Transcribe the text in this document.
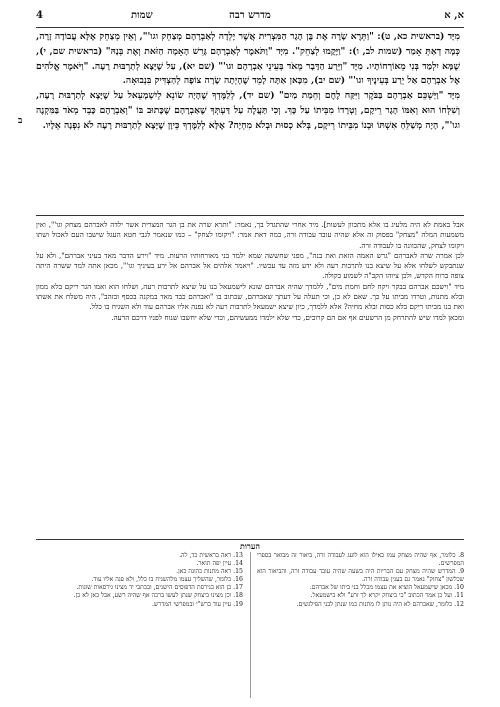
4	שמות	מדרש רבה	א, א

מִיָּד (בראשית כא, ט): "וַתֵּרֶא שָׂרָה אֶת בֶּן הָגָר הַמִּצְרִית אֲשֶׁר יָלְדָה לְאַבְרָהָם מְצַחֵק וגו'", וְאֵין מְצַחֵק אֶלָּא עֲבוֹדָה זָרָה, כְּמָה דְאַתְּ אָמַר (שמות לב, ו): "וַיָּקֻמוּ לְצַחֵק". מִיָּד "וַתֹּאמֶר לְאַבְרָהָם גָּרֵשׁ הָאָמָה הַזֹּאת וְאֶת בְּנָהּ" (בראשית שם, י), שֶׁמָּא יִלְמַד בְּנִי מֵאוֹרְחוֹתָיו. מִיָּד "וַיֵּרַע הַדָּבָר מְאֹד בְּעֵינֵי אַבְרָהָם וגו'" (שם יא), עַל שֶׁיָּצָא לְתַרְבּוּת רָעָה. "וַיֹּאמֶר אֱלֹהִים אֶל אַבְרָהָם אַל יֵרַע בְּעֵינֶיךָ וגו'" (שם יב), מִכָּאן אַתָּה לָמֵד שֶׁהָיְתָה שָׂרָה צוֹפָה לְהַצְדִּיק בִּנְבוּאָה.

מִיָּד "וַיַּשְׁכֵּם אַבְרָהָם בַּבֹּקֶר וַיִּקַּח לֶחֶם וְחֵמַת מַיִם" (שם יד), לְלַמֶּדְךָ שֶׁהָיָה שׂוֹנֵא לְיִשְׁמָעֵאל עַל שֶׁיָּצָא לְתַרְבּוּת רָעָה, וְשִׁלְּחוֹ הוּא וְאִמּוֹ הָגָר רֵיקָם, וְטְרָדוֹ מִבֵּיתוֹ עַל כָּךְ. וְכִי תַּעֲלֶה עַל דַּעְתְּךָ שֶׁאַבְרָהָם שֶׁכָּתוּב בּוֹ "וְאַבְרָהָם כָּבֵד מְאֹד בַּמִּקְנֶה וגו'", הָיָה מְשַׁלֵּחַ אִשְׁתּוֹ וּבְנוֹ מִבֵּיתוֹ רֵיקָם, בְּלֹא כְסוּת וּבְלֹא מִחְיָה? אֶלָּא לְלַמֶּדְךָ כֵּיוָן שֶׁיָּצָא לְתַרְבּוּת רָעָה לֹא נִפְנָה אֵלָיו.

ב

אבל באמת לא היה מלעיג בו אלא מתכוון לעשות]. מיד אחרי שהתגדל בך, נאמר: "ותרא שרה את בן הגר המצרית אשר ילדה לאברהם מצחק וגו'", ואין משמעות המלה "מצחק" בפסוק זה אלא שהיה עובד עבודה זרה, כמה דאת אמר: "ויקומו לצחק" – כמו שנאמר לגבי חטא העגל שישבו העם לאכול ושתו ויקומו לצחק, שהכוונה בו לעבודה זרה.

לכן אמרה שרה לאברהם "גרש האמה הזאת ואת בנה", מפני שחששה שמא ילמד בני מאורחותיו הרעות. מיד "וירע הדבר מאד בעיני אברהם", ולא על שנתבקש לשלחו אלא על שיצא בנו לתרבות רעה ולא ידע מזה עד עכשיו. "ויאמר אלהים אל אברהם אל ירע בעיניך וגו'", מכאן אתה למד ששרה היתה צופה ברוח הקדש, ולכן ציוהו הקב"ה לשמוע בקולה.

מיד "וישכם אברהם בבקר ויקח לחם וחמת מים", ללמדך שהיה אברהם שונא לישמעאל בנו על שיצא לתרבות רעה, ושלחו הוא ואמו הגר ריקם בלא ממון ובלא מתנות, וטרדו מביתו על כך. שאם לא כן, וכי תעלה על דעתך שאברהם, שכתוב בו "ואברהם כבד מאד במקנה בכסף ובזהב", היה משלח את אשתו ואת בנו מביתו ריקם בלא כסות ובלא מחיה? אלא ללמדך, כיון שיצא ישמעאל לתרבות רעה לא נפנה אליו אברהם עוד ולא השגיח בו כלל.

ומכאן למדו שיש להתרחק מן הרשעים אף אם הם קרובים, כדי שלא ילמדו ממעשיהם, וכדי שלא יחשבו שנוח לפניו דרכם הרעה.

הערות

8. כלומר, אף שהיה מצחק עמו כאילו הוא לועג לעבודה זרה, ביאור זה מבואר בספרי המפרשים.

9. המדרש שהיה מצחק עם הבריות היה בשעה שהיה עובד עבודה זרה, והביאור הוא שכלשון "צחוק" נאמר גם בענין עבודה זרה.

10. מכאן שישמעאל הוציא את עצמו מכלל בני ביתו של אברהם.

11. ועל כן אמר הכתוב "כי ביצחק יקרא לך זרע" ולא בישמעאל.

12. כלומר, שאברהם לא היה נותן לו מתנות כמו שנתן לבני הפילגשים.

13. ראה בראשית כד, לה.

14. עיין יפה תואר.

15. ראה מתנות כהונה כאן.

16. כלומר, שהשליך עצמו מלהשגיח בו כלל, ולא פנה אליו עוד.

17. כן הוא בגירסת הדפוסים הישנים, ובכתבי יד מצינו גירסאות שונות.

18. וכן מצינו ביצחק שנתן לעשו ברכה אף שהיה רשע, אבל כאן לא כן.

19. עיין עוד ברש"י ובמפרשי המדרש.
